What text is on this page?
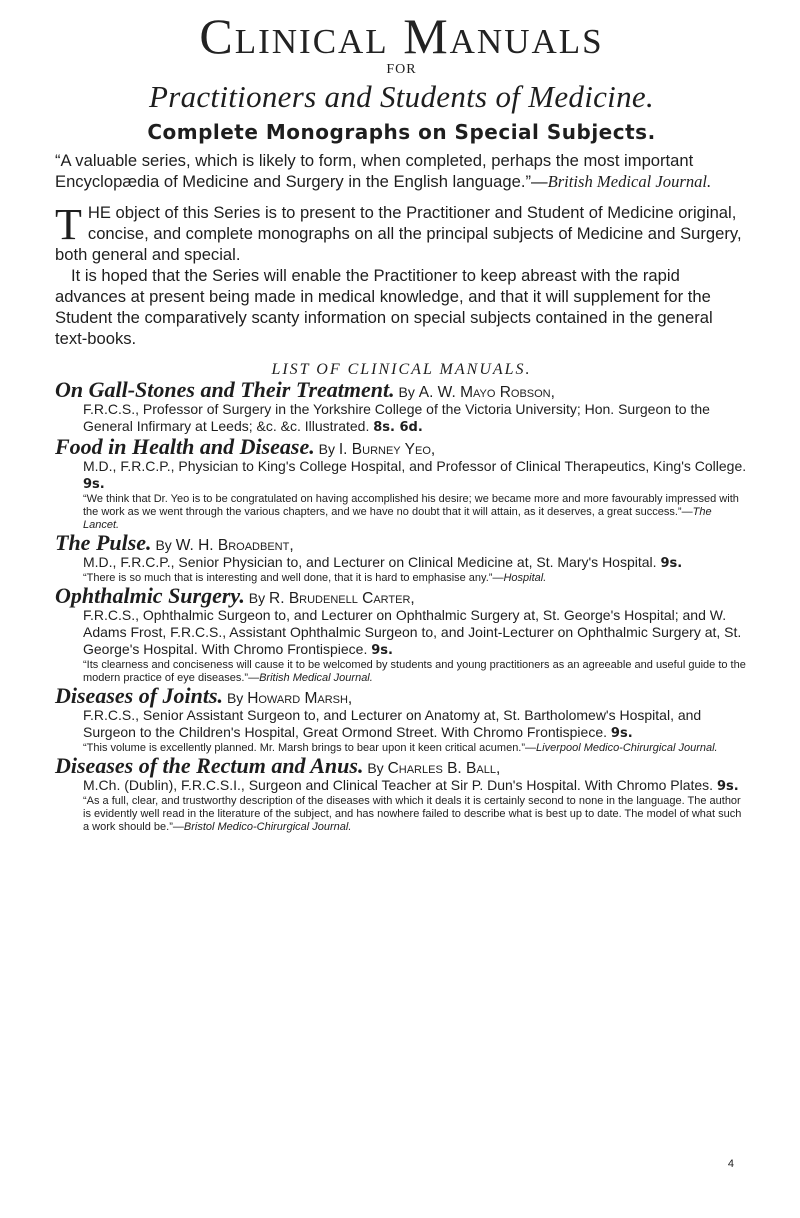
Clinical Manuals
FOR
Practitioners and Students of Medicine.
Complete Monographs on Special Subjects.
“A valuable series, which is likely to form, when completed, perhaps the most important Encyclopædia of Medicine and Surgery in the English language.”—British Medical Journal.

THE object of this Series is to present to the Practitioner and Student of Medicine original, concise, and complete monographs on all the principal subjects of Medicine and Surgery, both general and special.

It is hoped that the Series will enable the Practitioner to keep abreast with the rapid advances at present being made in medical knowledge, and that it will supplement for the Student the comparatively scanty information on special subjects contained in the general text-books.

LIST OF CLINICAL MANUALS.
On Gall-Stones and Their Treatment. By A. W. Mayo Robson,
F.R.C.S., Professor of Surgery in the Yorkshire College of the Victoria University; Hon. Surgeon to the General Infirmary at Leeds; &c. &c. Illustrated. 8s. 6d.
Food in Health and Disease. By I. Burney Yeo,
M.D., F.R.C.P., Physician to King's College Hospital, and Professor of Clinical Therapeutics, King's College. 9s.
“We think that Dr. Yeo is to be congratulated on having accomplished his desire; we became more and more favourably impressed with the work as we went through the various chapters, and we have no doubt that it will attain, as it deserves, a great success.”—The Lancet.
The Pulse. By W. H. Broadbent,
M.D., F.R.C.P., Senior Physician to, and Lecturer on Clinical Medicine at, St. Mary's Hospital. 9s.
“There is so much that is interesting and well done, that it is hard to emphasise any.”—Hospital.
Ophthalmic Surgery. By R. Brudenell Carter,
F.R.C.S., Ophthalmic Surgeon to, and Lecturer on Ophthalmic Surgery at, St. George's Hospital; and W. Adams Frost, F.R.C.S., Assistant Ophthalmic Surgeon to, and Joint-Lecturer on Ophthalmic Surgery at, St. George's Hospital. With Chromo Frontispiece. 9s.
“Its clearness and conciseness will cause it to be welcomed by students and young practitioners as an agreeable and useful guide to the modern practice of eye diseases.”—British Medical Journal.
Diseases of Joints. By Howard Marsh,
F.R.C.S., Senior Assistant Surgeon to, and Lecturer on Anatomy at, St. Bartholomew's Hospital, and Surgeon to the Children's Hospital, Great Ormond Street. With Chromo Frontispiece. 9s.
“This volume is excellently planned. Mr. Marsh brings to bear upon it keen critical acumen.”—Liverpool Medico-Chirurgical Journal.
Diseases of the Rectum and Anus. By Charles B. Ball,
M.Ch. (Dublin), F.R.C.S.I., Surgeon and Clinical Teacher at Sir P. Dun's Hospital. With Chromo Plates. 9s.
“As a full, clear, and trustworthy description of the diseases with which it deals it is certainly second to none in the language. The author is evidently well read in the literature of the subject, and has nowhere failed to describe what is best up to date. The model of what such a work should be.”—Bristol Medico-Chirurgical Journal.
4
